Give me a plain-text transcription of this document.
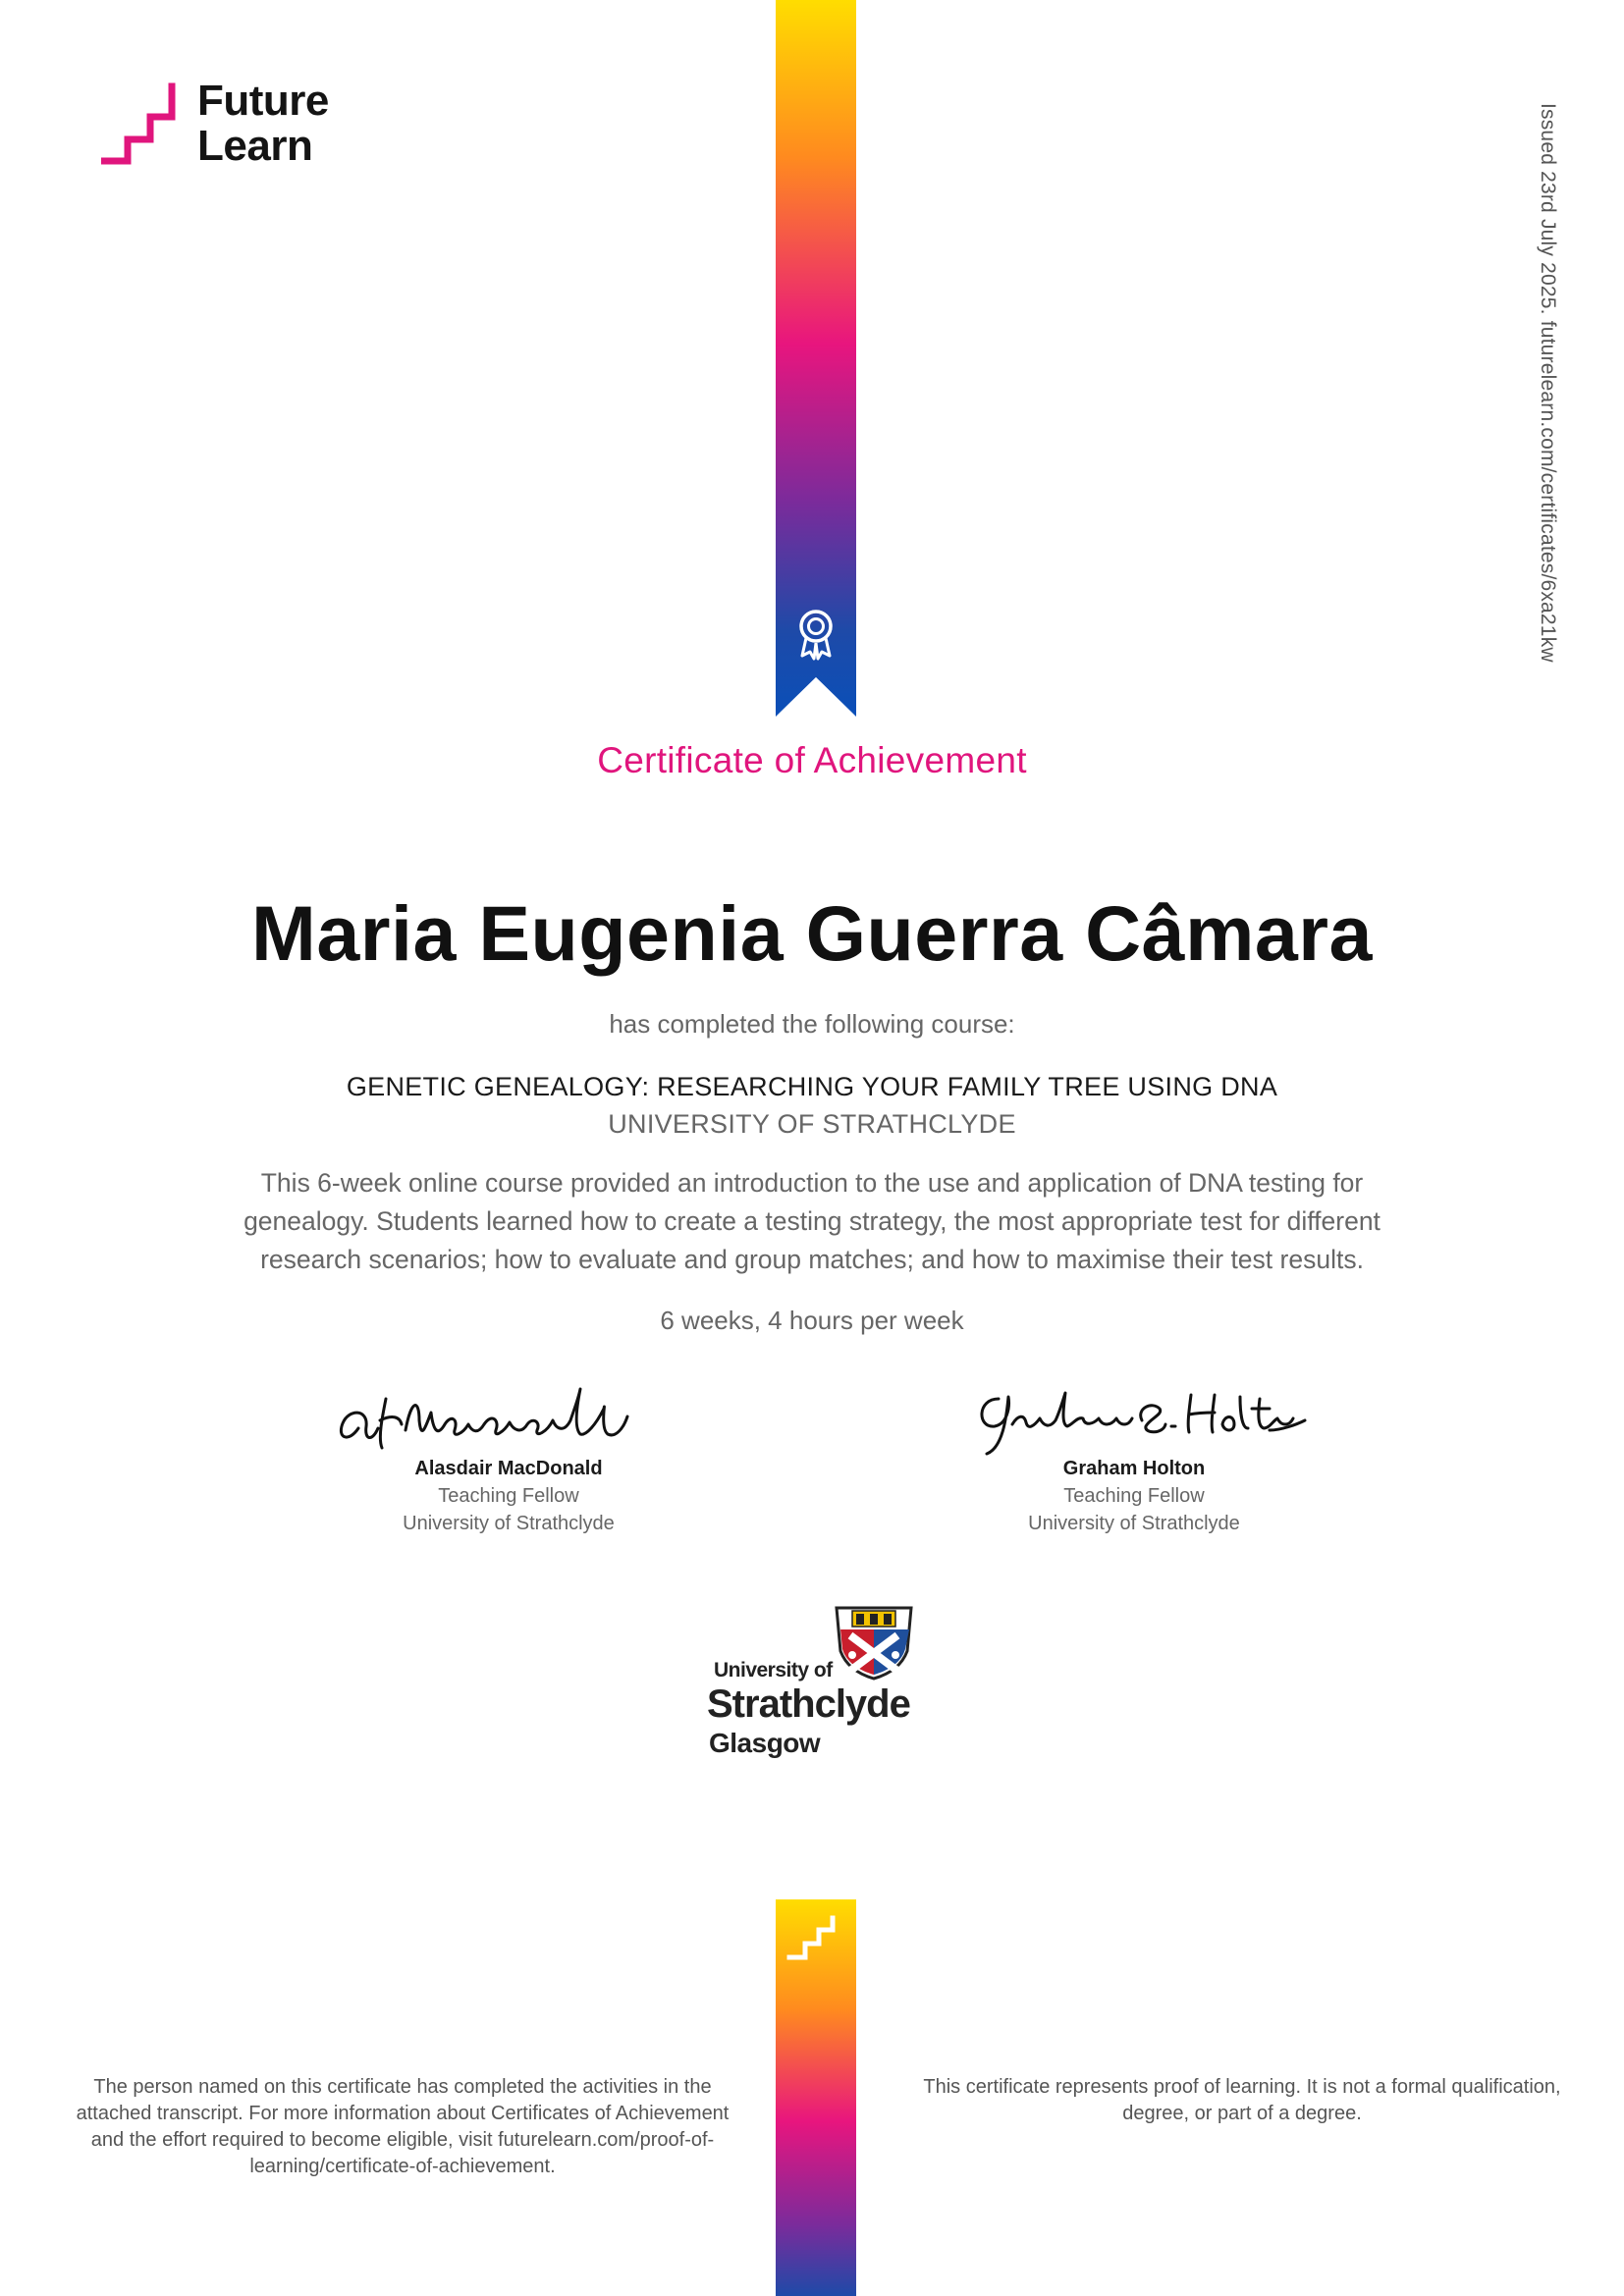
Future
Learn	Issued 23rd July 2025. futurelearn.com/certificates/6xa21kw
Certificate of Achievement
Maria Eugenia Guerra Câmara
has completed the following course:
GENETIC GENEALOGY: RESEARCHING YOUR FAMILY TREE USING DNA
UNIVERSITY OF STRATHCLYDE
This 6-week online course provided an introduction to the use and application of DNA testing for genealogy. Students learned how to create a testing strategy, the most appropriate test for different research scenarios; how to evaluate and group matches; and how to maximise their test results.
6 weeks, 4 hours per week
Alasdair MacDonald
Teaching Fellow
University of Strathclyde
Graham Holton
Teaching Fellow
University of Strathclyde
University of
Strathclyde
Glasgow
The person named on this certificate has completed the activities in the attached transcript. For more information about Certificates of Achievement and the effort required to become eligible, visit futurelearn.com/proof-of-learning/certificate-of-achievement.
This certificate represents proof of learning. It is not a formal qualification, degree, or part of a degree.
